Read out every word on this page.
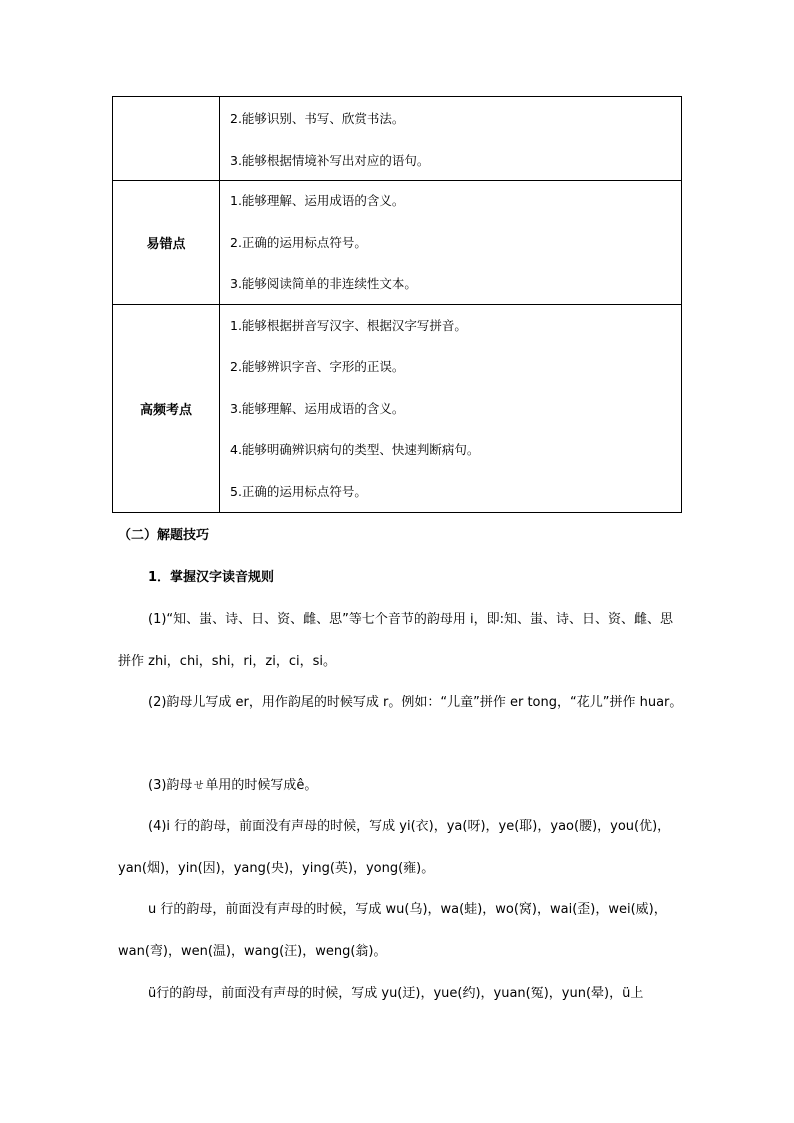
	2.能够识别、书写、欣赏书法。
3.能够根据情境补写出对应的语句。

易错点	1.能够理解、运用成语的含义。
2.正确的运用标点符号。
3.能够阅读简单的非连续性文本。

高频考点	1.能够根据拼音写汉字、根据汉字写拼音。
2.能够辨识字音、字形的正误。
3.能够理解、运用成语的含义。
4.能够明确辨识病句的类型、快速判断病句。
5.正确的运用标点符号。
（二）解题技巧
1．掌握汉字读音规则
(1)“知、蚩、诗、日、资、雌、思”等七个音节的韵母用 i，即:知、蚩、诗、日、资、雌、思拼作 zhi，chi，shi，ri，zi，ci，si。
(2)韵母儿写成 er，用作韵尾的时候写成 r。例如：“儿童”拼作 er tong，“花儿”拼作 huar。
(3)韵母ㄝ单用的时候写成ê。
(4)i 行的韵母，前面没有声母的时候，写成 yi(衣)，ya(呀)，ye(耶)，yao(腰)，you(优)，yan(烟)，yin(因)，yang(央)，ying(英)，yong(雍)。
u 行的韵母，前面没有声母的时候，写成 wu(乌)，wa(蛙)，wo(窝)，wai(歪)，wei(威)，wan(弯)，wen(温)，wang(汪)，weng(翁)。
ü行的韵母，前面没有声母的时候，写成 yu(迂)，yue(约)，yuan(冤)，yun(晕)，ü上
